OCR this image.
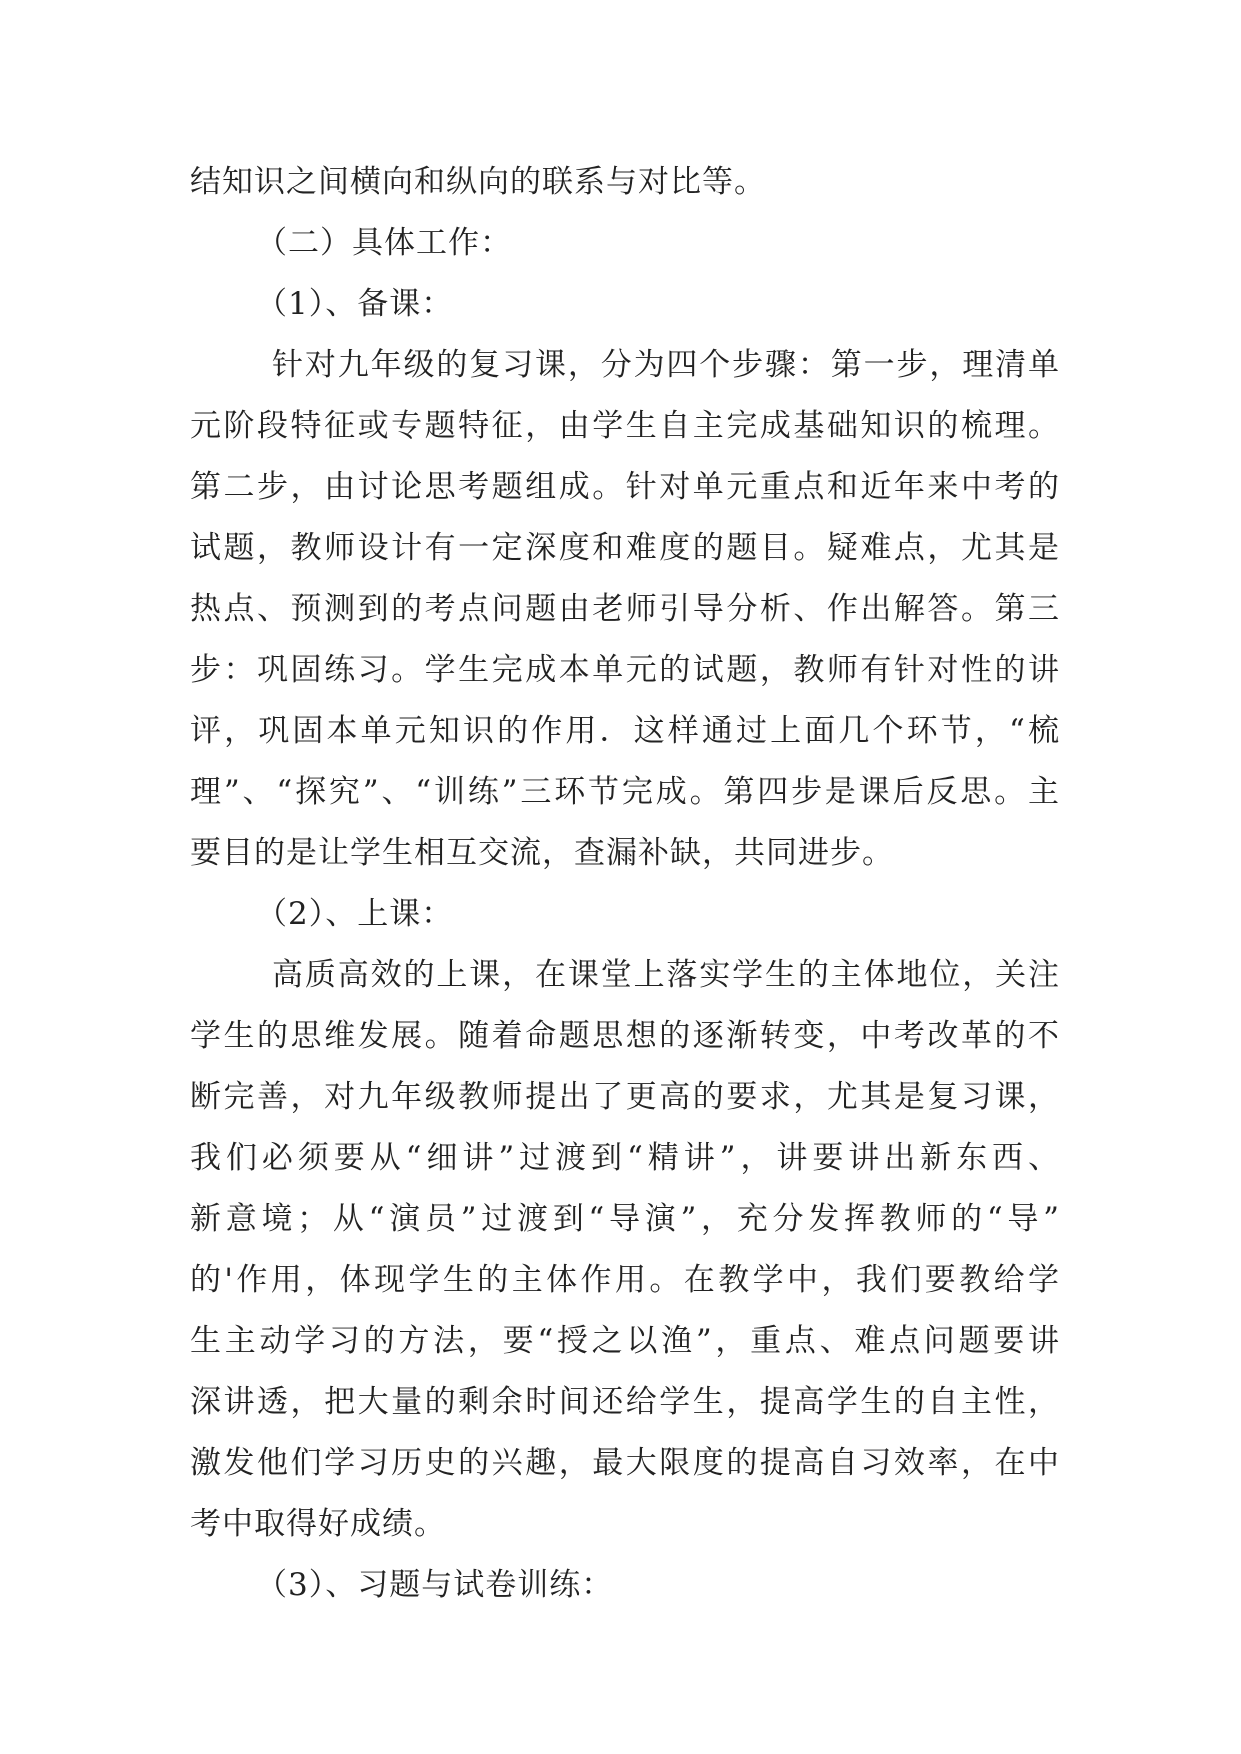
结知识之间横向和纵向的联系与对比等。
（二）具体工作：
（1）、备课：
针对九年级的复习课，分为四个步骤：第一步，理清单
元阶段特征或专题特征，由学生自主完成基础知识的梳理。
第二步，由讨论思考题组成。针对单元重点和近年来中考的
试题，教师设计有一定深度和难度的题目。疑难点，尤其是
热点、预测到的考点问题由老师引导分析、作出解答。第三
步：巩固练习。学生完成本单元的试题，教师有针对性的讲
评，巩固本单元知识的作用．这样通过上面几个环节，“梳
理”、“探究”、“训练”三环节完成。第四步是课后反思。主
要目的是让学生相互交流，查漏补缺，共同进步。
（2）、上课：
高质高效的上课，在课堂上落实学生的主体地位，关注
学生的思维发展。随着命题思想的逐渐转变，中考改革的不
断完善，对九年级教师提出了更高的要求，尤其是复习课，
我们必须要从“细讲”过渡到“精讲”，讲要讲出新东西、
新意境；从“演员”过渡到“导演”，充分发挥教师的“导”
的'作用，体现学生的主体作用。在教学中，我们要教给学
生主动学习的方法，要“授之以渔”，重点、难点问题要讲
深讲透，把大量的剩余时间还给学生，提高学生的自主性，
激发他们学习历史的兴趣，最大限度的提高自习效率，在中
考中取得好成绩。
（3）、习题与试卷训练：
